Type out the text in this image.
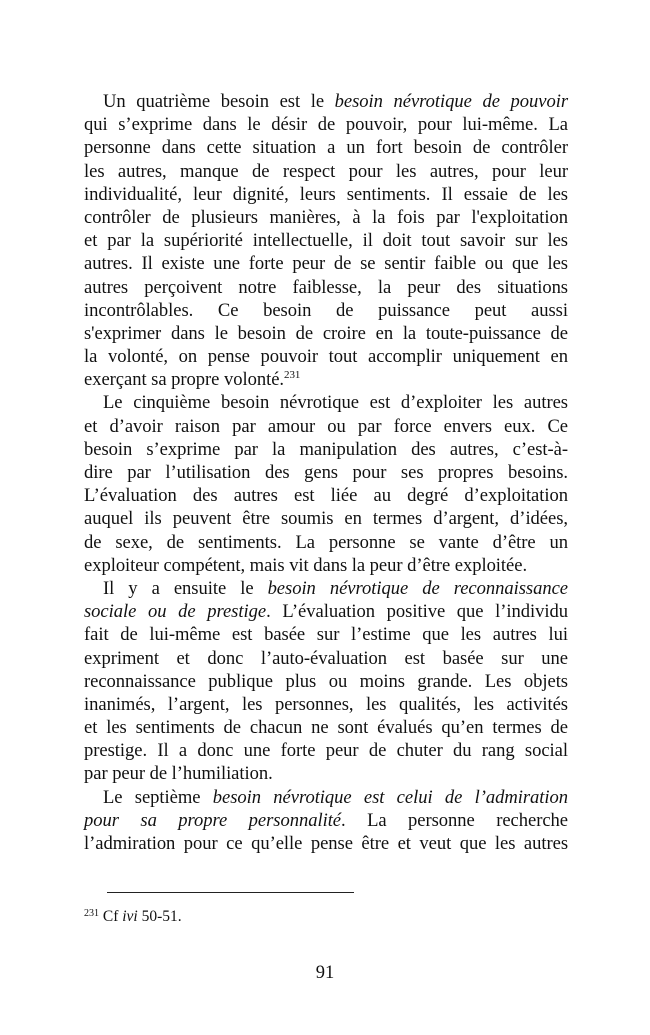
Un quatrième besoin est le besoin névrotique de pouvoir
qui s’exprime dans le désir de pouvoir, pour lui-même. La
personne dans cette situation a un fort besoin de contrôler
les autres, manque de respect pour les autres, pour leur
individualité, leur dignité, leurs sentiments. Il essaie de les
contrôler de plusieurs manières, à la fois par l'exploitation
et par la supériorité intellectuelle, il doit tout savoir sur les
autres. Il existe une forte peur de se sentir faible ou que les
autres perçoivent notre faiblesse, la peur des situations
incontrôlables. Ce besoin de puissance peut aussi
s'exprimer dans le besoin de croire en la toute-puissance de
la volonté, on pense pouvoir tout accomplir uniquement en
exerçant sa propre volonté.$^{231}$
Le cinquième besoin névrotique est d’exploiter les autres
et d’avoir raison par amour ou par force envers eux. Ce
besoin s’exprime par la manipulation des autres, c’est-à-
dire par l’utilisation des gens pour ses propres besoins.
L’évaluation des autres est liée au degré d’exploitation
auquel ils peuvent être soumis en termes d’argent, d’idées,
de sexe, de sentiments. La personne se vante d’être un
exploiteur compétent, mais vit dans la peur d’être exploitée.
Il y a ensuite le besoin névrotique de reconnaissance
sociale ou de prestige. L’évaluation positive que l’individu
fait de lui-même est basée sur l’estime que les autres lui
expriment et donc l’auto-évaluation est basée sur une
reconnaissance publique plus ou moins grande. Les objets
inanimés, l’argent, les personnes, les qualités, les activités
et les sentiments de chacun ne sont évalués qu’en termes de
prestige. Il a donc une forte peur de chuter du rang social
par peur de l’humiliation.
Le septième besoin névrotique est celui de l’admiration
pour sa propre personnalité. La personne recherche
l’admiration pour ce qu’elle pense être et veut que les autres
$^{231}$ Cf ivi 50-51.
91
